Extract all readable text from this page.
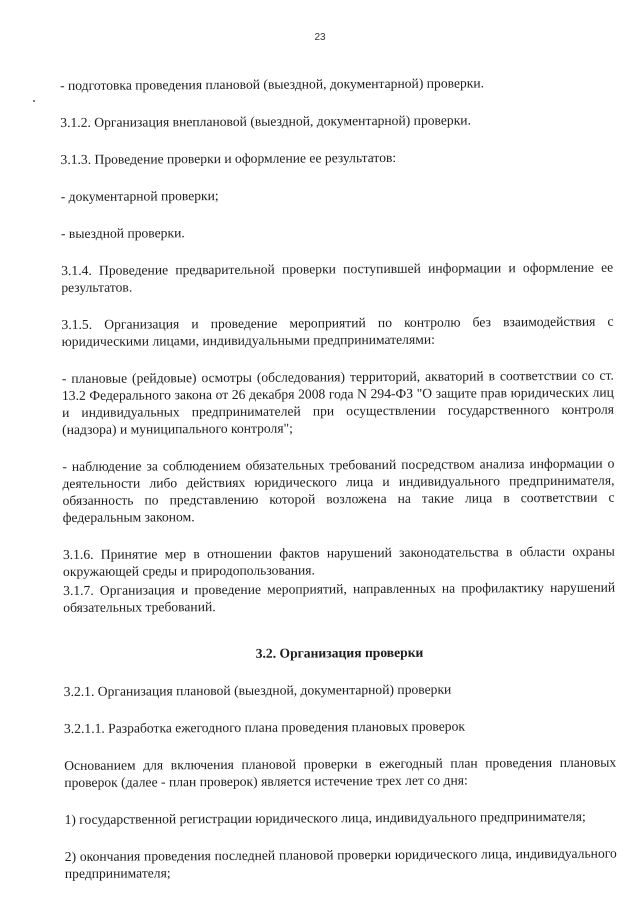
23

- подготовка проведения плановой (выездной, документарной) проверки.

3.1.2. Организация внеплановой (выездной, документарной) проверки.

3.1.3. Проведение проверки и оформление ее результатов:

- документарной проверки;

- выездной проверки.

3.1.4. Проведение предварительной проверки поступившей информации и оформление ее результатов.

3.1.5. Организация и проведение мероприятий по контролю без взаимодействия с юридическими лицами, индивидуальными предпринимателями:

- плановые (рейдовые) осмотры (обследования) территорий, акваторий в соответствии со ст. 13.2 Федерального закона от 26 декабря 2008 года N 294-ФЗ "О защите прав юридических лиц и индивидуальных предпринимателей при осуществлении государственного контроля (надзора) и муниципального контроля";

- наблюдение за соблюдением обязательных требований посредством анализа информации о деятельности либо действиях юридического лица и индивидуального предпринимателя, обязанность по представлению которой возложена на такие лица в соответствии с федеральным законом.

3.1.6. Принятие мер в отношении фактов нарушений законодательства в области охраны окружающей среды и природопользования.

3.1.7. Организация и проведение мероприятий, направленных на профилактику нарушений обязательных требований.

3.2. Организация проверки

3.2.1. Организация плановой (выездной, документарной) проверки

3.2.1.1. Разработка ежегодного плана проведения плановых проверок

Основанием для включения плановой проверки в ежегодный план проведения плановых проверок (далее - план проверок) является истечение трех лет со дня:

1) государственной регистрации юридического лица, индивидуального предпринимателя;

2) окончания проведения последней плановой проверки юридического лица, индивидуального предпринимателя;
